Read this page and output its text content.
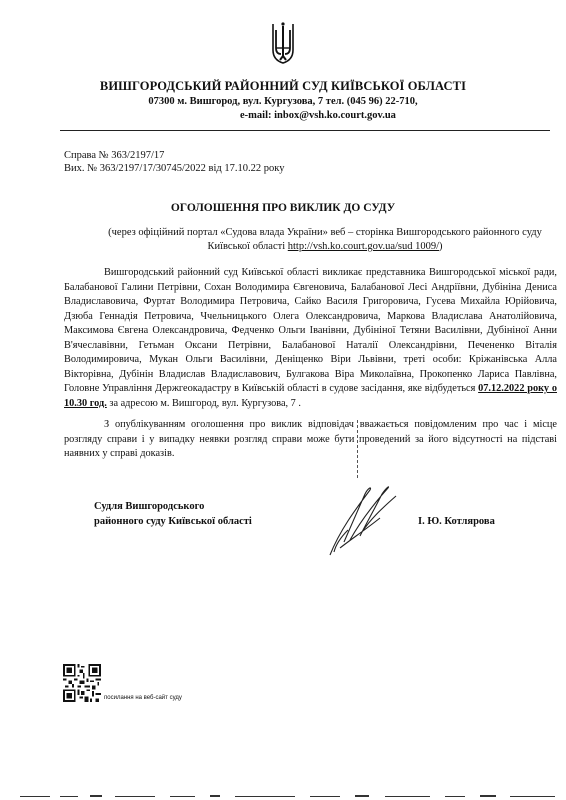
ВИШГОРОДСЬКИЙ РАЙОННИЙ СУД КИЇВСЬКОЇ ОБЛАСТІ
07300 м. Вишгород, вул. Кургузова, 7 тел. (045 96) 22-710,
e-mail: inbox@vsh.ko.court.gov.ua
Справа № 363/2197/17
Вих. № 363/2197/17/30745/2022 від 17.10.22 року
ОГОЛОШЕННЯ ПРО ВИКЛИК ДО СУДУ
(через офіційний портал «Судова влада України» веб – сторінка Вишгородського районного суду Київської області http://vsh.ko.court.gov.ua/sud 1009/)
Вишгородський районний суд Київської області викликає представника Вишгородської міської ради, Балабанової Галини Петрівни, Сохан Володимира Євгеновича, Балабанової Лесі Андріївни, Дубініна Дениса Владиславовича, Фуртат Володимира Петровича, Сайко Василя Григоровича, Гусева Михайла Юрійовича, Дзюба Геннадія Петровича, Ччельницького Олега Олександровича, Маркова Владислава Анатолійовича, Максимова Євгена Олександровича, Федченко Ольги Іванівни, Дубініної Тетяни Василівни, Дубініної Анни В'ячеславівни, Гетьман Оксани Петрівни, Балабанової Наталії Олександрівни, Печененко Віталія Володимировича, Мукан Ольги Василівни, Деніщенко Віри Львівни, треті особи: Кріжанівська Алла Вікторівна, Дубінін Владислав Владиславович, Булгакова Віра Миколаївна, Прокопенко Лариса Павлівна, Головне Управління Держгеокадастру в Київській області в судове засідання, яке відбудеться 07.12.2022 року о 10.30 год. за адресою м. Вишгород, вул. Кургузова, 7 .
З опублікуванням оголошення про виклик відповідач вважається повідомленим про час і місце розгляду справи і у випадку неявки розгляд справи може бути проведений за його відсутності на підставі наявних у справі доказів.
Судля Вишгородського
районного суду Київської області	І. Ю. Котлярова
посилання на веб-сайт суду
